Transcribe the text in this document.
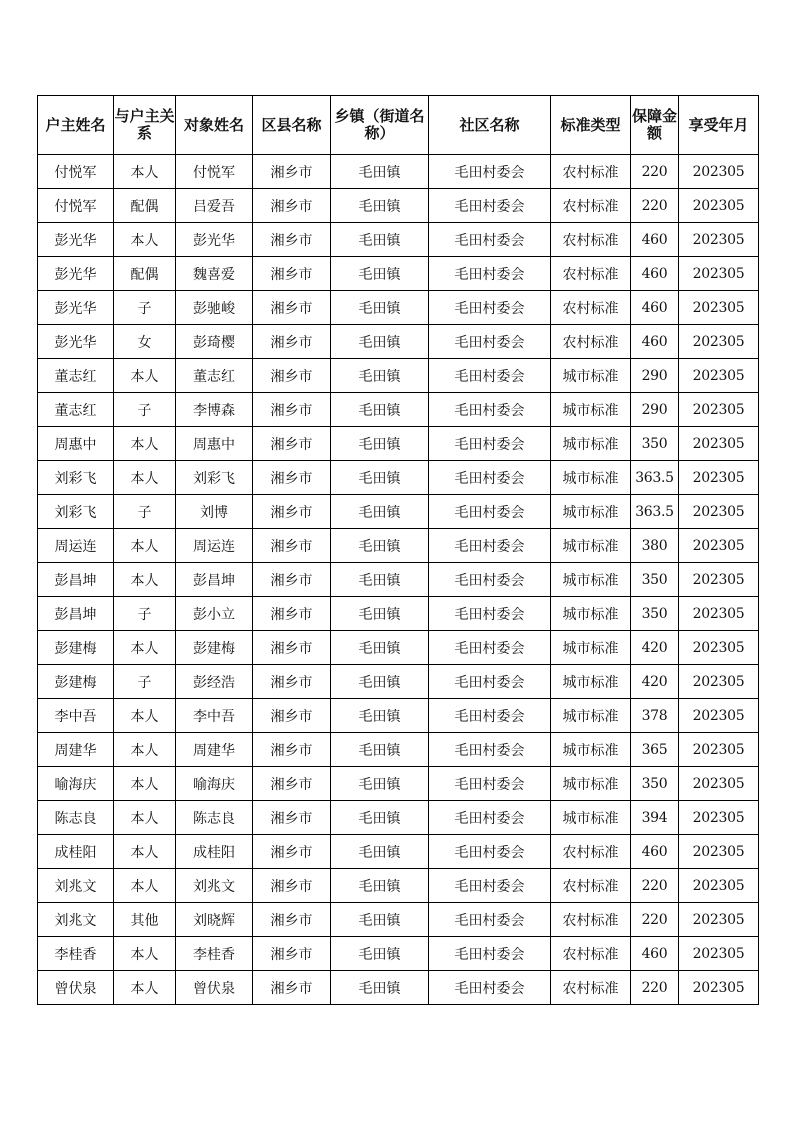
户主姓名	与户主关系	对象姓名	区县名称	乡镇（街道名称）	社区名称	标准类型	保障金额	享受年月
付悦军	本人	付悦军	湘乡市	毛田镇	毛田村委会	农村标准	220	202305
付悦军	配偶	吕爱吾	湘乡市	毛田镇	毛田村委会	农村标准	220	202305
彭光华	本人	彭光华	湘乡市	毛田镇	毛田村委会	农村标准	460	202305
彭光华	配偶	魏喜爱	湘乡市	毛田镇	毛田村委会	农村标准	460	202305
彭光华	子	彭驰峻	湘乡市	毛田镇	毛田村委会	农村标准	460	202305
彭光华	女	彭琦樱	湘乡市	毛田镇	毛田村委会	农村标准	460	202305
董志红	本人	董志红	湘乡市	毛田镇	毛田村委会	城市标准	290	202305
董志红	子	李博森	湘乡市	毛田镇	毛田村委会	城市标准	290	202305
周惠中	本人	周惠中	湘乡市	毛田镇	毛田村委会	城市标准	350	202305
刘彩飞	本人	刘彩飞	湘乡市	毛田镇	毛田村委会	城市标准	363.5	202305
刘彩飞	子	刘博	湘乡市	毛田镇	毛田村委会	城市标准	363.5	202305
周运连	本人	周运连	湘乡市	毛田镇	毛田村委会	城市标准	380	202305
彭昌坤	本人	彭昌坤	湘乡市	毛田镇	毛田村委会	城市标准	350	202305
彭昌坤	子	彭小立	湘乡市	毛田镇	毛田村委会	城市标准	350	202305
彭建梅	本人	彭建梅	湘乡市	毛田镇	毛田村委会	城市标准	420	202305
彭建梅	子	彭经浩	湘乡市	毛田镇	毛田村委会	城市标准	420	202305
李中吾	本人	李中吾	湘乡市	毛田镇	毛田村委会	城市标准	378	202305
周建华	本人	周建华	湘乡市	毛田镇	毛田村委会	城市标准	365	202305
喻海庆	本人	喻海庆	湘乡市	毛田镇	毛田村委会	城市标准	350	202305
陈志良	本人	陈志良	湘乡市	毛田镇	毛田村委会	城市标准	394	202305
成桂阳	本人	成桂阳	湘乡市	毛田镇	毛田村委会	农村标准	460	202305
刘兆文	本人	刘兆文	湘乡市	毛田镇	毛田村委会	农村标准	220	202305
刘兆文	其他	刘晓辉	湘乡市	毛田镇	毛田村委会	农村标准	220	202305
李桂香	本人	李桂香	湘乡市	毛田镇	毛田村委会	农村标准	460	202305
曾伏泉	本人	曾伏泉	湘乡市	毛田镇	毛田村委会	农村标准	220	202305
